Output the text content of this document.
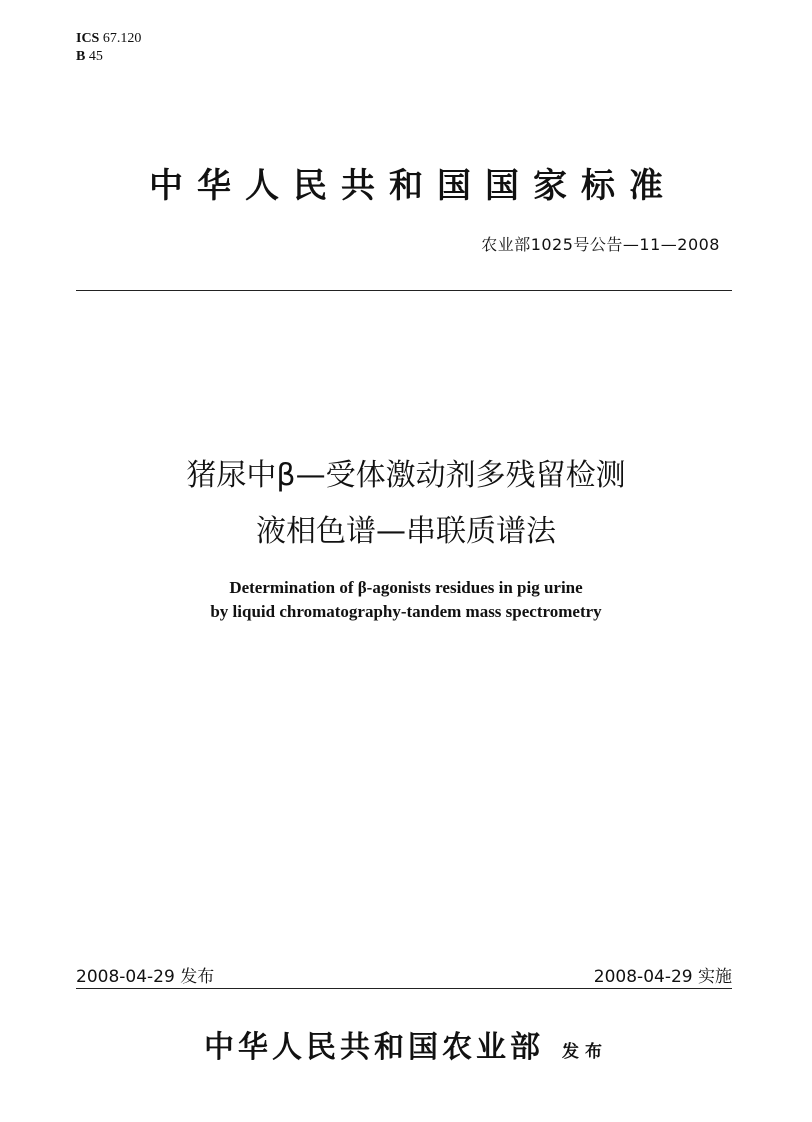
ICS 67.120
B 45
中华人民共和国国家标准
农业部1025号公告—11—2008
猪尿中β—受体激动剂多残留检测
液相色谱—串联质谱法
Determination of β-agonists residues in pig urine
by liquid chromatography-tandem mass spectrometry
2008-04-29 发布	2008-04-29 实施
中华人民共和国农业部 发布
